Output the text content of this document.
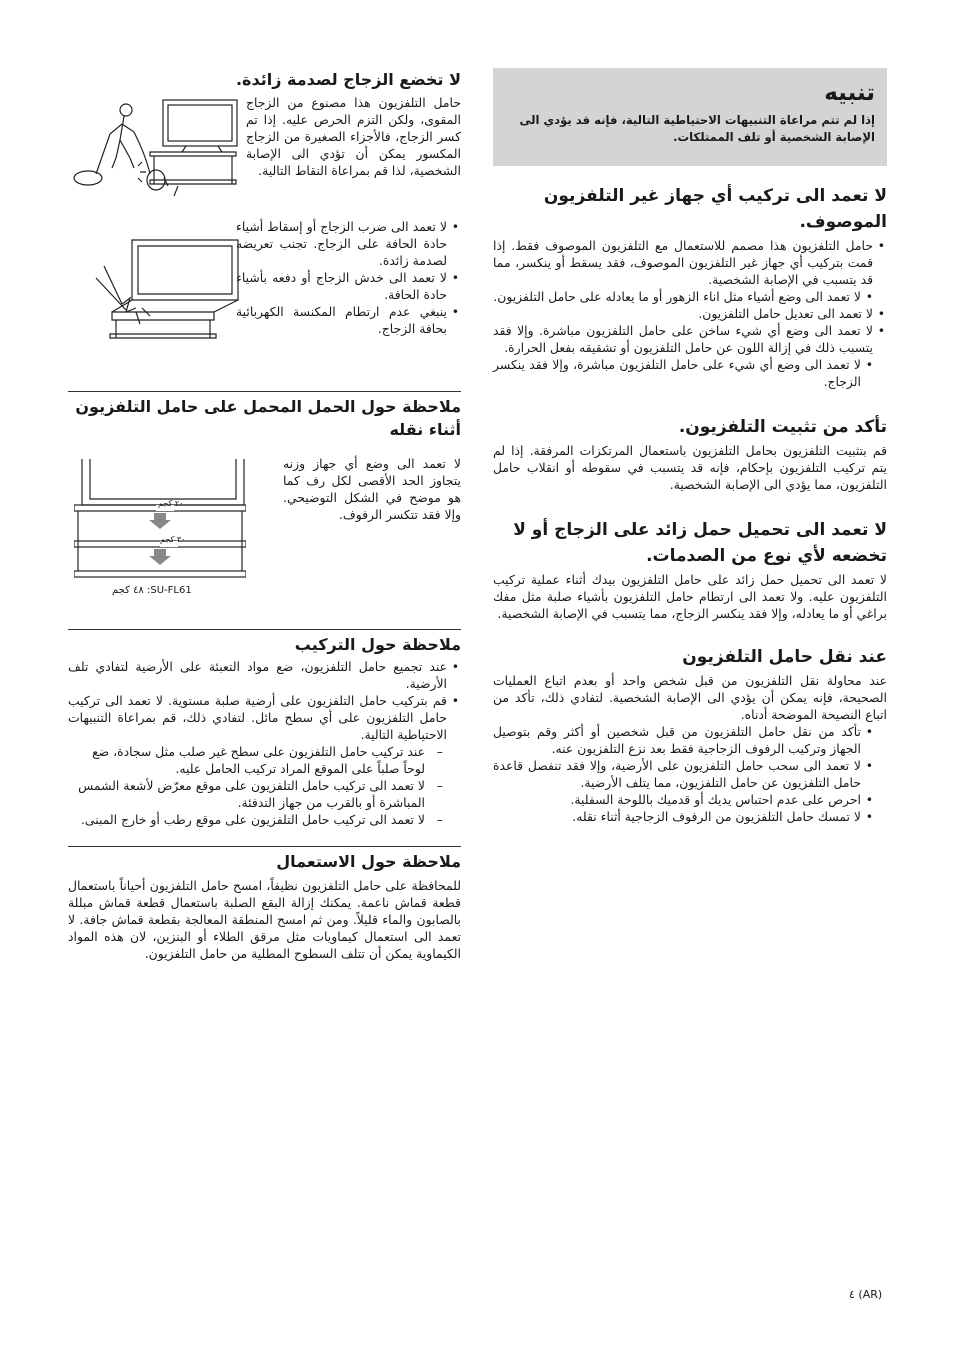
تنبيه
إذا لم تتم مراعاة التنبيهات الاحتياطية التالية، فإنه قد يؤدي الى الإصابة الشخصية أو تلف الممتلكات.
لا تعمد الى تركيب أي جهاز غير التلفزيون الموصوف.
• حامل التلفزيون هذا مصمم للاستعمال مع التلفزيون الموصوف فقط. إذا قمت بتركيب أي جهاز غير التلفزيون الموصوف، فقد يسقط أو ينكسر، مما قد يتسبب في الإصابة الشخصية.
• لا تعمد الى وضع أشياء مثل اناء الزهور أو ما يعادله على حامل التلفزيون.
• لا تعمد الى تعديل حامل التلفزيون.
• لا تعمد الى وضع أي شيء ساخن على حامل التلفزيون مباشرة. وإلا فقد يتسبب ذلك في إزالة اللون عن حامل التلفزيون أو تشقيقه بفعل الحرارة.
• لا تعمد الى وضع أي شيء على حامل التلفزيون مباشرة، وإلا فقد ينكسر الزجاج.
تأكد من تثبيت التلفزيون.

قم بتثبيت التلفزيون بحامل التلفزيون باستعمال المرتكزات المرفقة. إذا لم يتم تركيب التلفزيون بإحكام، فإنه قد يتسبب في سقوطه أو انقلاب حامل التلفزيون، مما يؤدي الى الإصابة الشخصية.

لا تعمد الى تحميل حمل زائد على الزجاج أو لا تخضعه لأي نوع من الصدمات.

لا تعمد الى تحميل حمل زائد على حامل التلفزيون بيدك أثناء عملية تركيب التلفزيون عليه. ولا تعمد الى ارتطام حامل التلفزيون بأشياء صلبة مثل مفك براغي أو ما يعادله، وإلا فقد ينكسر الزجاج، مما يتسبب في الإصابة الشخصية.

عند نقل حامل التلفزيون

عند محاولة نقل التلفزيون من قبل شخص واحد أو بعدم اتباع العمليات الصحيحة، فإنه يمكن أن يؤدي الى الإصابة الشخصية. لتفادي ذلك، تأكد من اتباع النصيحة الموضحة أدناه.

• تأكد من نقل حامل التلفزيون من قبل شخصين أو أكثر وقم بتوصيل الجهاز وتركيب الرفوف الزجاجية فقط بعد نزع التلفزيون عنه.
• لا تعمد الى سحب حامل التلفزيون على الأرضية، وإلا فقد تنفصل قاعدة حامل التلفزيون عن حامل التلفزيون، مما يتلف الأرضية.
• احرص على عدم احتباس يديك أو قدميك باللوحة السفلية.
• لا تمسك حامل التلفزيون من الرفوف الزجاجية أثناء نقله.
لا تخضع الزجاج لصدمة زائدة.

حامل التلفزيون هذا مصنوع من الزجاج المقوى، ولكن التزم الحرص عليه. إذا تم كسر الزجاج، فالأجزاء الصغيرة من الزجاج المكسور يمكن أن تؤدي الى الإصابة الشخصية، لذا قم بمراعاة النقاط التالية.

• لا تعمد الى ضرب الزجاج أو إسقاط أشياء حادة الحافة على الزجاج. تجنب تعريضه لصدمة زائدة.
• لا تعمد الى خدش الزجاج أو دفعه بأشياء حادة الحافة.
• ينبغي عدم ارتطام المكنسة الكهربائية بحافة الزجاج.
ملاحظة حول الحمل المحمل على حامل التلفزيون أثناء نقله

لا تعمد الى وضع أي جهاز وزنه يتجاوز الحد الأقصى لكل رف كما هو موضح في الشكل التوضيحي. وإلا فقد تتكسر الرفوف.

٢٠ كجم
٣٠ كجم
SU-FL61: ٤٨ كجم
ملاحظة حول التركيب
• عند تجميع حامل التلفزيون، ضع مواد التعبئة على الأرضية لتفادي تلف الأرضية.
• قم بتركيب حامل التلفزيون على أرضية صلبة مستوية. لا تعمد الى تركيب حامل التلفزيون على أي سطح مائل. لتفادي ذلك، قم بمراعاة التنبيهات الاحتياطية التالية.
– عند تركيب حامل التلفزيون على سطح غير صلب مثل سجادة، ضع لوحاً صلباً على الموقع المراد تركيب الحامل عليه.
– لا تعمد الى تركيب حامل التلفزيون على موقع معرّض لأشعة الشمس المباشرة أو بالقرب من جهاز التدفئة.
– لا تعمد الى تركيب حامل التلفزيون على موقع رطب أو خارج المبنى.
ملاحظة حول الاستعمال

للمحافظة على حامل التلفزيون نظيفاً، امسح حامل التلفزيون أحياناً باستعمال قطعة قماش ناعمة. يمكنك إزالة البقع الصلبة باستعمال قطعة قماش مبللة بالصابون والماء قليلاً. ومن ثم امسح المنطقة المعالجة بقطعة قماش جافة. لا تعمد الى استعمال كيماويات مثل مرقق الطلاء أو البنزين، لان هذه المواد الكيماوية يمكن أن تتلف السطوح المطلية من حامل التلفزيون.

٤ (AR)
